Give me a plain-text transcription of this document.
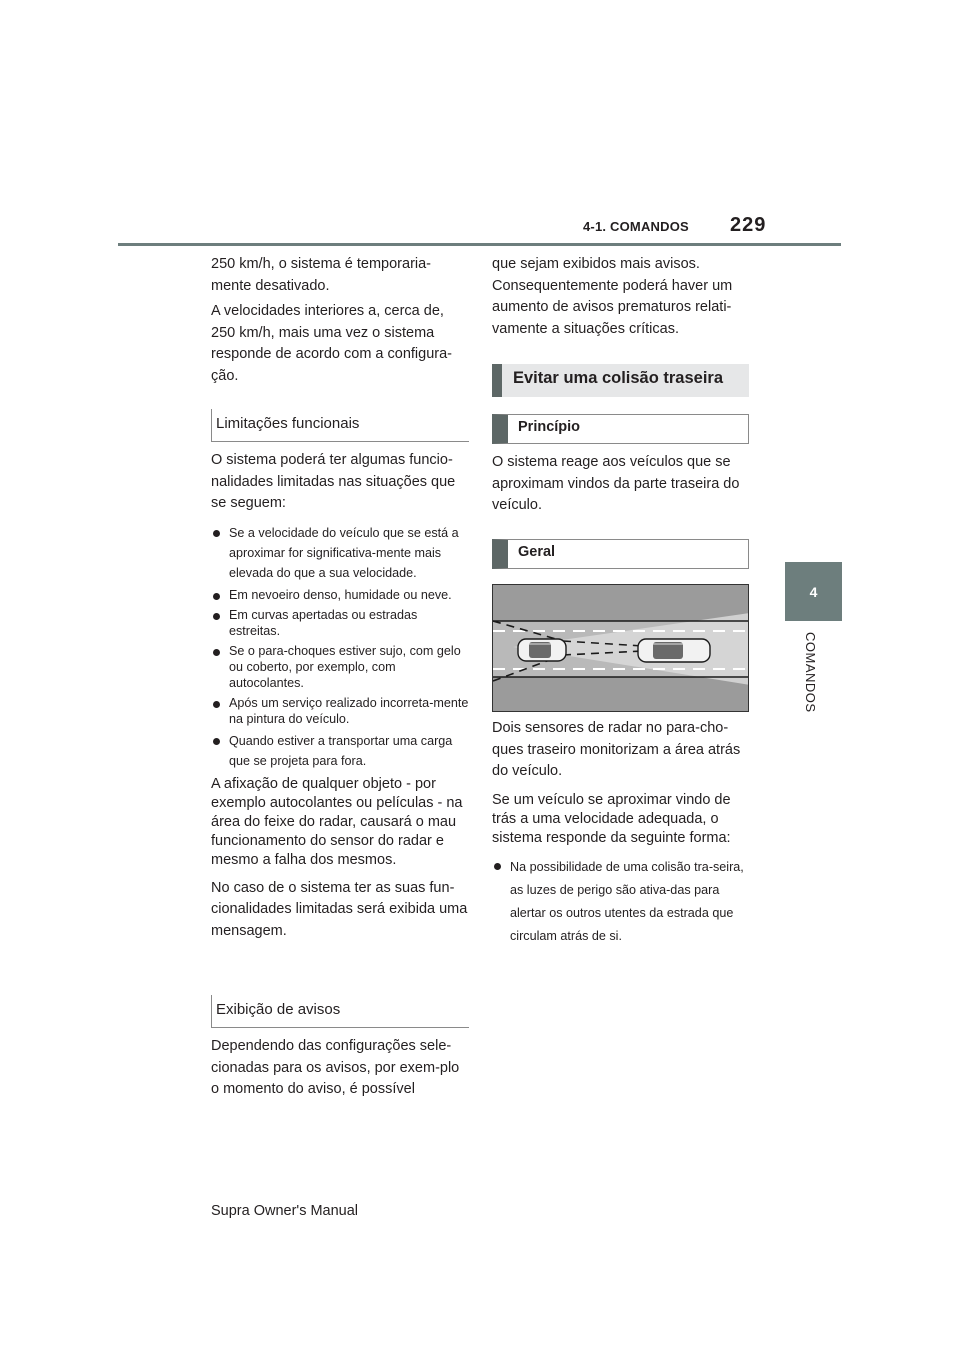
4-1. COMANDOS 229
4
COMANDOS

250 km/h, o sistema é temporaria-mente desativado.

A velocidades interiores a, cerca de, 250 km/h, mais uma vez o sistema responde de acordo com a configura-ção.

Limitações funcionais

O sistema poderá ter algumas funcio-nalidades limitadas nas situações que se seguem:

Se a velocidade do veículo que se está a aproximar for significativa-mente mais elevada do que a sua velocidade.
Em nevoeiro denso, humidade ou neve.
Em curvas apertadas ou estradas estreitas.
Se o para-choques estiver sujo, com gelo ou coberto, por exemplo, com autocolantes.
Após um serviço realizado incorreta-mente na pintura do veículo.
Quando estiver a transportar uma carga que se projeta para fora.

A afixação de qualquer objeto - por exemplo autocolantes ou películas - na área do feixe do radar, causará o mau funcionamento do sensor do radar e mesmo a falha dos mesmos.

No caso de o sistema ter as suas fun-cionalidades limitadas será exibida uma mensagem.

Exibição de avisos

Dependendo das configurações sele-cionadas para os avisos, por exem-plo o momento do aviso, é possível

que sejam exibidos mais avisos. Consequentemente poderá haver um aumento de avisos prematuros relati-vamente a situações críticas.

Evitar uma colisão traseira
Princípio

O sistema reage aos veículos que se aproximam vindos da parte traseira do veículo.

Geral

Dois sensores de radar no para-cho-ques traseiro monitorizam a área atrás do veículo.

Se um veículo se aproximar vindo de trás a uma velocidade adequada, o sistema responde da seguinte forma:

Na possibilidade de uma colisão tra-seira, as luzes de perigo são ativa-das para alertar os outros utentes da estrada que circulam atrás de si.
Supra Owner's Manual
